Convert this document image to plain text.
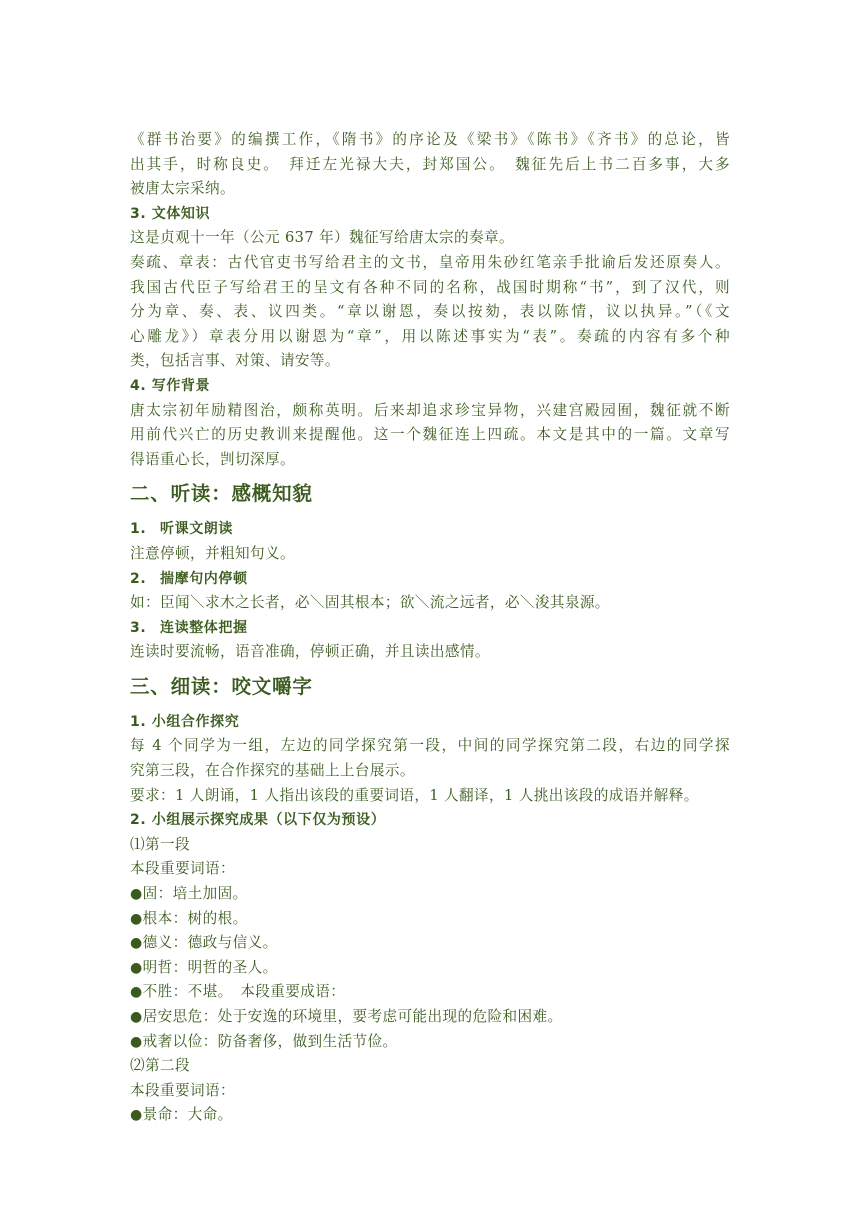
《群书治要》的编撰工作，《隋书》的序论及《梁书》《陈书》《齐书》的总论，皆
出其手，时称良史。　拜迁左光禄大夫，封郑国公。　魏征先后上书二百多事，大多
被唐太宗采纳。
3. 文体知识
这是贞观十一年（公元 637 年）魏征写给唐太宗的奏章。
奏疏、章表：古代官吏书写给君主的文书，皇帝用朱砂红笔亲手批谕后发还原奏人。
我国古代臣子写给君王的呈文有各种不同的名称，战国时期称“书”，到了汉代，则
分为章、奏、表、议四类。“章以谢恩，奏以按劾，表以陈情，议以执异。”（《文
心雕龙》）章表分用以谢恩为“章”，用以陈述事实为“表”。奏疏的内容有多个种
类，包括言事、对策、请安等。
4. 写作背景
唐太宗初年励精图治，颇称英明。后来却追求珍宝异物，兴建宫殿园囿，魏征就不断
用前代兴亡的历史教训来提醒他。这一个魏征连上四疏。本文是其中的一篇。文章写
得语重心长，剀切深厚。
二、听读：感概知貌
1. 听课文朗读
注意停顿，并粗知句义。
2. 揣摩句内停顿
如：臣闻＼求木之长者，必＼固其根本；欲＼流之远者，必＼浚其泉源。
3. 连读整体把握
连读时要流畅，语音准确，停顿正确，并且读出感情。
三、细读：咬文嚼字
1. 小组合作探究
每 4 个同学为一组，左边的同学探究第一段，中间的同学探究第二段，右边的同学探
究第三段，在合作探究的基础上上台展示。
要求：1 人朗诵，1 人指出该段的重要词语，1 人翻译，1 人挑出该段的成语并解释。
2. 小组展示探究成果（以下仅为预设）
⑴第一段
本段重要词语：
●固：培土加固。
●根本：树的根。
●德义：德政与信义。
●明哲：明哲的圣人。
●不胜：不堪。　本段重要成语：
●居安思危：处于安逸的环境里，要考虑可能出现的危险和困难。
●戒奢以俭：防备奢侈，做到生活节俭。
⑵第二段
本段重要词语：
●景命：大命。
